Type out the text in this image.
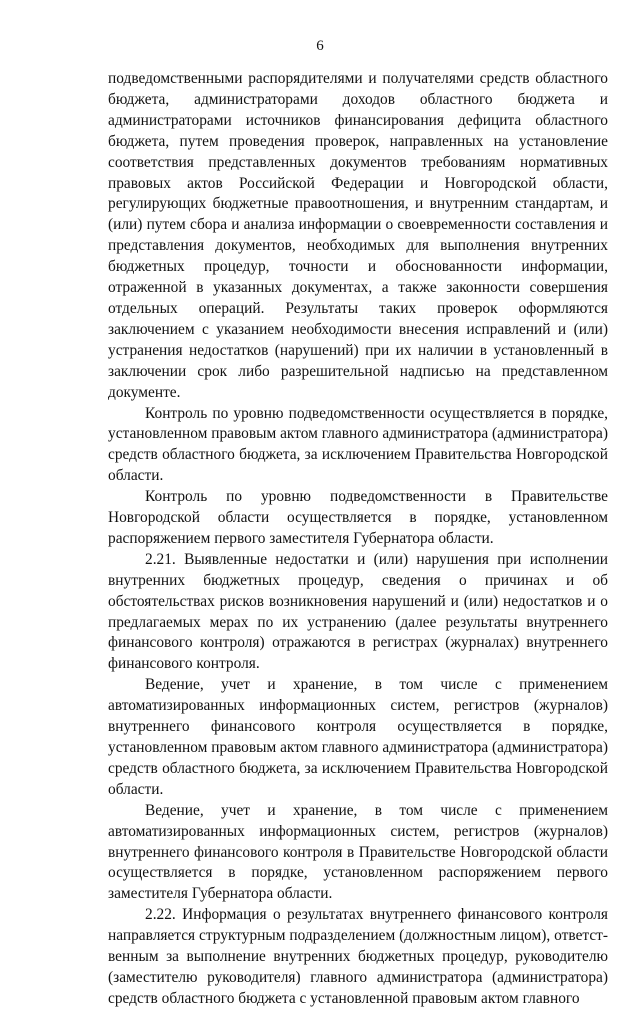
6

подведомственными распорядителями и получателями средств областного бюджета, администраторами доходов областного бюджета и администраторами источников финансирования дефицита областного бюджета, путем проведения проверок, направленных на установление соответствия представленных документов требованиям нормативных правовых актов Российской Федерации и Новгородской области, регулирующих бюджетные правоотношения, и внутренним стандартам, и (или) путем сбора и анализа информации о своевременности составления и представления документов, необходимых для выполнения внутренних бюджетных процедур, точности и обоснованности информации, отраженной в указанных документах, а также законности совершения отдельных операций. Результаты таких проверок оформляются заключением с указанием необходимости внесения исправлений и (или) устранения недостатков (нарушений) при их наличии в установленный в заключении срок либо разрешительной надписью на представленном документе.

Контроль по уровню подведомственности осуществляется в порядке, установленном правовым актом главного администратора (администратора) средств областного бюджета, за исключением Правительства Новгородской области.

Контроль по уровню подведомственности в Правительстве Новгородской области осуществляется в порядке, установленном распоряжением первого заместителя Губернатора области.

2.21. Выявленные недостатки и (или) нарушения при исполнении внутренних бюджетных процедур, сведения о причинах и об обстоятельствах рисков возникновения нарушений и (или) недостатков и о предлагаемых мерах по их устранению (далее результаты внутреннего финансового контроля) отражаются в регистрах (журналах) внутреннего финансового контроля.

Ведение, учет и хранение, в том числе с применением автоматизированных информационных систем, регистров (журналов) внутреннего финансового контроля осуществляется в порядке, установленном правовым актом главного администратора (администратора) средств областного бюджета, за исключением Правительства Новгородской области.

Ведение, учет и хранение, в том числе с применением автоматизированных информационных систем, регистров (журналов) внутреннего финансового контроля в Правительстве Новгородской области осуществляется в порядке, установленном распоряжением первого заместителя Губернатора области.

2.22. Информация о результатах внутреннего финансового контроля направляется структурным подразделением (должностным лицом), ответст-венным за выполнение внутренних бюджетных процедур, руководителю (заместителю руководителя) главного администратора (администратора) средств областного бюджета с установленной правовым актом главного
